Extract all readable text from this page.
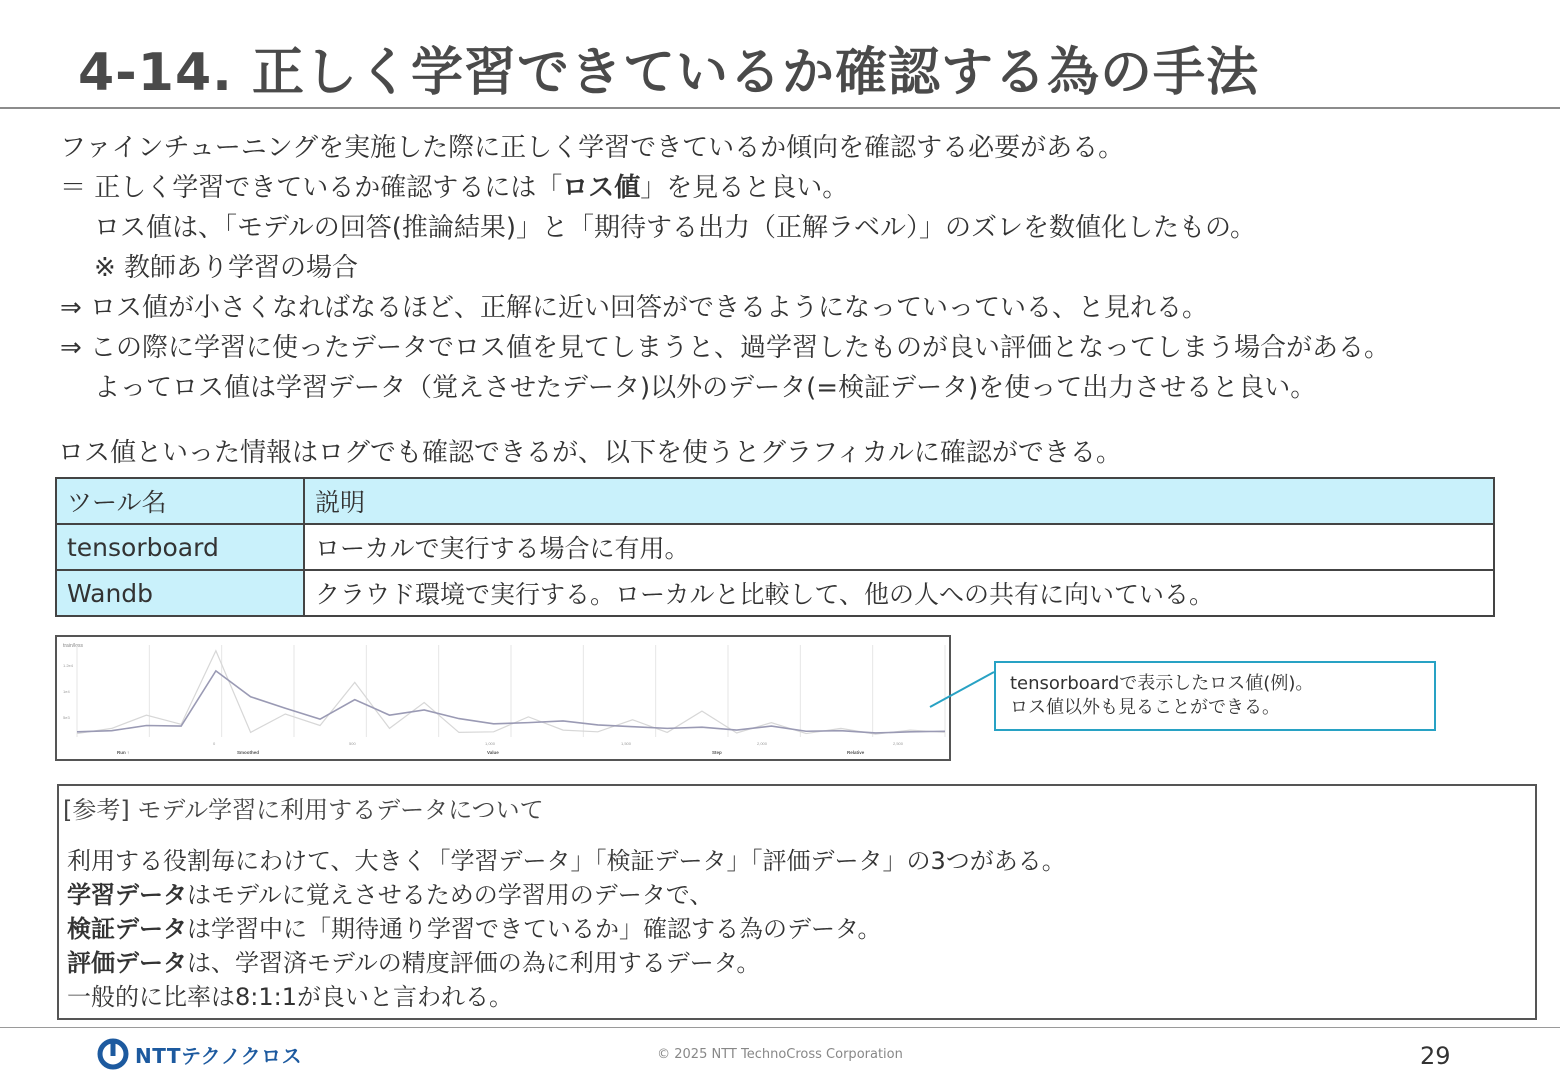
4-14. 正しく学習できているか確認する為の手法
ファインチューニングを実施した際に正しく学習できているか傾向を確認する必要がある。
＝ 正しく学習できているか確認するには「ロス値」を見ると良い。
ロス値は、「モデルの回答(推論結果)」と「期待する出力（正解ラベル）」のズレを数値化したもの。
※ 教師あり学習の場合
⇒ ロス値が小さくなればなるほど、正解に近い回答ができるようになっていっている、と見れる。
⇒ この際に学習に使ったデータでロス値を見てしまうと、過学習したものが良い評価となってしまう場合がある。
よってロス値は学習データ（覚えさせたデータ)以外のデータ(=検証データ)を使って出力させると良い。
ロス値といった情報はログでも確認できるが、以下を使うとグラフィカルに確認ができる。
ツール名	説明
tensorboard	ローカルで実行する場合に有用。
Wandb	クラウド環境で実行する。ローカルと比較して、他の人への共有に向いている。
train/loss
1.2e4
1e4
5e3
0	500	1,000	1,500	2,000	2,500
Run ↑	Smoothed	Value	Step	Relative
tensorboardで表示したロス値(例)。
ロス値以外も見ることができる。
[参考] モデル学習に利用するデータについて
利用する役割毎にわけて、大きく「学習データ」「検証データ」「評価データ」の3つがある。
学習データはモデルに覚えさせるための学習用のデータで、
検証データは学習中に「期待通り学習できているか」確認する為のデータ。
評価データは、学習済モデルの精度評価の為に利用するデータ。
一般的に比率は8:1:1が良いと言われる。
NTTテクノクロス	© 2025 NTT TechnoCross Corporation	29
